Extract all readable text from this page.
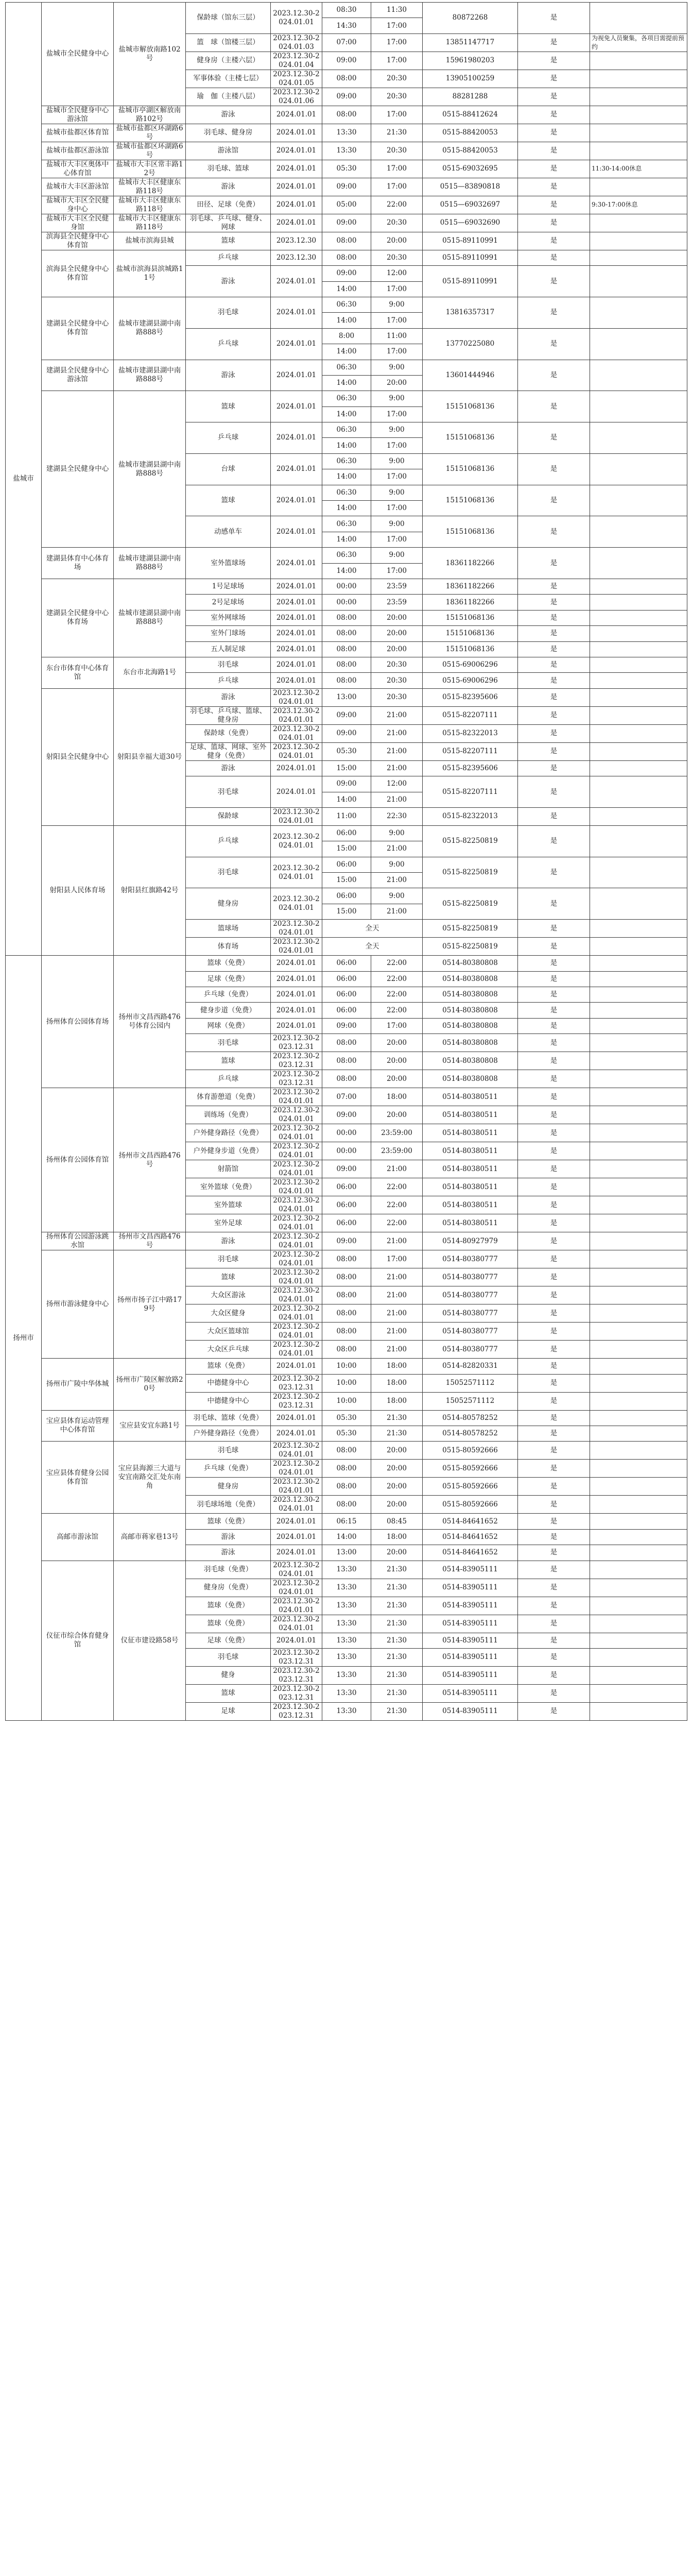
盐城市	盐城市全民健身中心	盐城市解放南路102号	保龄球（馆东三层）	2023.12.30-2024.01.01	08:30	11:30	80872268	是	
					14:30	17:00			
			篮　球（馆楼三层）	2023.12.30-2024.01.03	07:00	17:00	13851147717	是	为视免人员聚集，各项目需提前预约
			健身房（主楼六层）	2023.12.30-2024.01.04	09:00	17:00	15961980203	是	
			军事体验（主楼七层）	2023.12.30-2024.01.05	08:00	20:30	13905100259	是	
			瑜　伽（主楼八层）	2023.12.30-2024.01.06	09:00	20:30	88281288	是	
	盐城市全民健身中心游泳馆	盐城市亭湖区解放南路102号	游泳	2024.01.01	08:00	17:00	0515-88412624	是	
	盐城市盐都区体育馆	盐城市盐都区环湖路6号	羽毛球、健身房	2024.01.01	13:30	21:30	0515-88420053	是	
	盐城市盐都区游泳馆	盐城市盐都区环湖路6号	游泳馆	2024.01.01	13:30	20:30	0515-88420053	是	
	盐城市大丰区奥体中心体育馆	盐城市大丰区常丰路12号	羽毛球、篮球	2024.01.01	05:30	17:00	0515-69032695	是	11:30-14:00休息
	盐城市大丰区游泳馆	盐城市大丰区健康东路118号	游泳	2024.01.01	09:00	17:00	0515—83890818	是	
	盐城市大丰区全民健身中心	盐城市大丰区健康东路118号	田径、足球（免费）	2024.01.01	05:00	22:00	0515—69032697	是	9:30-17:00休息
	盐城市大丰区全民健身馆	盐城市大丰区健康东路118号	羽毛球、乒乓球、健身、网球	2024.01.01	09:00	20:30	0515—69032690	是	
	滨海县全民健身中心体育馆	盐城市滨海县城	篮球	2023.12.30	08:00	20:00	0515-89110991	是	
	滨海县全民健身中心体育馆	盐城市滨海县滨城路11号	乒乓球	2023.12.30	08:00	20:30	0515-89110991	是	
			游泳	2024.01.01	09:00	12:00	0515-89110991	是	
					14:00	17:00			
	建湖县全民健身中心体育馆	盐城市建湖县湖中南路888号	羽毛球	2024.01.01	06:30	9:00	13816357317	是	
					14:00	17:00			
			乒乓球	2024.01.01	8:00	11:00	13770225080	是	
					14:00	17:00			
	建湖县全民健身中心游泳馆	盐城市建湖县湖中南路888号	游泳	2024.01.01	06:30	9:00	13601444946	是	
					14:00	20:00			
	建湖县全民健身中心	盐城市建湖县湖中南路888号	篮球	2024.01.01	06:30	9:00	15151068136	是	
					14:00	17:00			
			乒乓球	2024.01.01	06:30	9:00	15151068136	是	
					14:00	17:00			
			台球	2024.01.01	06:30	9:00	15151068136	是	
					14:00	17:00			
			篮球	2024.01.01	06:30	9:00	15151068136	是	
					14:00	17:00			
			动感单车	2024.01.01	06:30	9:00	15151068136	是	
					14:00	17:00			
	建湖县体育中心体育场	盐城市建湖县湖中南路888号	室外篮球场	2024.01.01	06:30	9:00	18361182266	是	
					14:00	17:00			
	建湖县全民健身中心体育场	盐城市建湖县湖中南路888号	1号足球场	2024.01.01	00:00	23:59	18361182266	是	
			2号足球场	2024.01.01	00:00	23:59	18361182266	是	
			室外网球场	2024.01.01	08:00	20:00	15151068136	是	
			室外门球场	2024.01.01	08:00	20:00	15151068136	是	
			五人制足球	2024.01.01	08:00	20:00	15151068136	是	
	东台市体育中心体育馆	东台市北海路1号	羽毛球	2024.01.01	08:00	20:30	0515-69006296	是	
			乒乓球	2024.01.01	08:00	20:30	0515-69006296	是	
	射阳县全民健身中心	射阳县幸福大道30号	游泳	2023.12.30-2024.01.01	13:00	20:30	0515-82395606	是	
			羽毛球、乒乓球、篮球、健身房	2023.12.30-2024.01.01	09:00	21:00	0515-82207111	是	
			保龄球（免费）	2023.12.30-2024.01.01	09:00	21:00	0515-82322013	是	
			足球、篮球、网球、室外健身（免费）	2023.12.30-2024.01.01	05:30	21:00	0515-82207111	是	
			游泳	2024.01.01	15:00	21:00	0515-82395606	是	
			羽毛球	2024.01.01	09:00	12:00	0515-82207111	是	
					14:00	21:00			
			保龄球	2023.12.30-2024.01.01	11:00	22:30	0515-82322013	是	
	射阳县人民体育场	射阳县红旗路42号	乒乓球	2023.12.30-2024.01.01	06:00	9:00	0515-82250819	是	
					15:00	21:00			
			羽毛球	2023.12.30-2024.01.01	06:00	9:00	0515-82250819	是	
					15:00	21:00			
			健身房	2023.12.30-2024.01.01	06:00	9:00	0515-82250819	是	
					15:00	21:00			
			篮球场	2023.12.30-2024.01.01	全天		0515-82250819	是	
			体育场	2023.12.30-2024.01.01	全天		0515-82250819	是	
扬州市	扬州体育公园体育场	扬州市文昌西路476号体育公园内	篮球（免费）	2024.01.01	06:00	22:00	0514-80380808	是	
			足球（免费）	2024.01.01	06:00	22:00	0514-80380808	是	
			乒乓球（免费）	2024.01.01	06:00	22:00	0514-80380808	是	
			健身步道（免费）	2024.01.01	06:00	22:00	0514-80380808	是	
			网球（免费）	2024.01.01	09:00	17:00	0514-80380808	是	
			羽毛球	2023.12.30-2023.12.31	08:00	20:00	0514-80380808	是	
			篮球	2023.12.30-2023.12.31	08:00	20:00	0514-80380808	是	
			乒乓球	2023.12.30-2023.12.31	08:00	20:00	0514-80380808	是	
	扬州体育公园体育馆	扬州市文昌西路476号	体育游憩道（免费）	2023.12.30-2024.01.01	07:00	18:00	0514-80380511	是	
			训练场（免费）	2023.12.30-2024.01.01	09:00	20:00	0514-80380511	是	
			户外健身路径（免费）	2023.12.30-2024.01.01	00:00	23:59:00	0514-80380511	是	
			户外健身步道（免费）	2023.12.30-2024.01.01	00:00	23:59:00	0514-80380511	是	
			射箭馆	2023.12.30-2024.01.01	09:00	21:00	0514-80380511	是	
			室外篮球（免费）	2023.12.30-2024.01.01	06:00	22:00	0514-80380511	是	
			室外篮球	2023.12.30-2024.01.01	06:00	22:00	0514-80380511	是	
			室外足球	2023.12.30-2024.01.01	06:00	22:00	0514-80380511	是	
	扬州体育公园游泳跳水馆	扬州市文昌西路476号	游泳	2023.12.30-2024.01.01	09:00	21:00	0514-80927979	是	
	扬州市游泳健身中心	扬州市扬子江中路179号	羽毛球	2023.12.30-2024.01.01	08:00	17:00	0514-80380777	是	
			篮球	2023.12.30-2024.01.01	08:00	21:00	0514-80380777	是	
			大众区游泳	2023.12.30-2024.01.01	08:00	21:00	0514-80380777	是	
			大众区健身	2023.12.30-2024.01.01	08:00	21:00	0514-80380777	是	
			大众区篮球馆	2023.12.30-2024.01.01	08:00	21:00	0514-80380777	是	
			大众区乒乓球	2023.12.30-2024.01.01	08:00	21:00	0514-80380777	是	
	扬州市广陵中华体城	扬州市广陵区解放路20号	篮球（免费）	2024.01.01	10:00	18:00	0514-82820331	是	
			中德健身中心	2023.12.30-2023.12.31	10:00	18:00	15052571112	是	
			中德健身中心	2023.12.30-2023.12.31	10:00	18:00	15052571112	是	
	宝应县体育运动管理中心体育馆	宝应县安宜东路1号	羽毛球、篮球（免费）	2024.01.01	05:30	21:30	0514-80578252	是	
			户外健身路径（免费）	2024.01.01	05:30	21:30	0514-80578252	是	
	宝应县体育健身公园体育馆	宝应县海源三大道与安宜南路交汇处东南角	羽毛球	2023.12.30-2024.01.01	08:00	20:00	0515-80592666	是	
			乒乓球（免费）	2023.12.30-2024.01.01	08:00	20:00	0515-80592666	是	
			健身房	2023.12.30-2024.01.01	08:00	20:00	0515-80592666	是	
			羽毛球场地（免费）	2023.12.30-2024.01.01	08:00	20:00	0515-80592666	是	
	高邮市游泳馆	高邮市蒋家巷13号	篮球（免费）	2024.01.01	06:15	08:45	0514-84641652	是	
			游泳	2024.01.01	14:00	18:00	0514-84641652	是	
			游泳	2024.01.01	13:00	20:00	0514-84641652	是	
	仪征市综合体育健身馆	仪征市建设路58号	羽毛球（免费）	2023.12.30-2024.01.01	13:30	21:30	0514-83905111	是	
			健身房（免费）	2023.12.30-2024.01.01	13:30	21:30	0514-83905111	是	
			篮球（免费）	2023.12.30-2024.01.01	13:30	21:30	0514-83905111	是	
			篮球（免费）	2023.12.30-2024.01.01	13:30	21:30	0514-83905111	是	
			足球（免费）	2024.01.01	13:30	21:30	0514-83905111	是	
			羽毛球	2023.12.30-2023.12.31	13:30	21:30	0514-83905111	是	
			健身	2023.12.30-2023.12.31	13:30	21:30	0514-83905111	是	
			篮球	2023.12.30-2023.12.31	13:30	21:30	0514-83905111	是	
			足球	2023.12.30-2023.12.31	13:30	21:30	0514-83905111	是	
